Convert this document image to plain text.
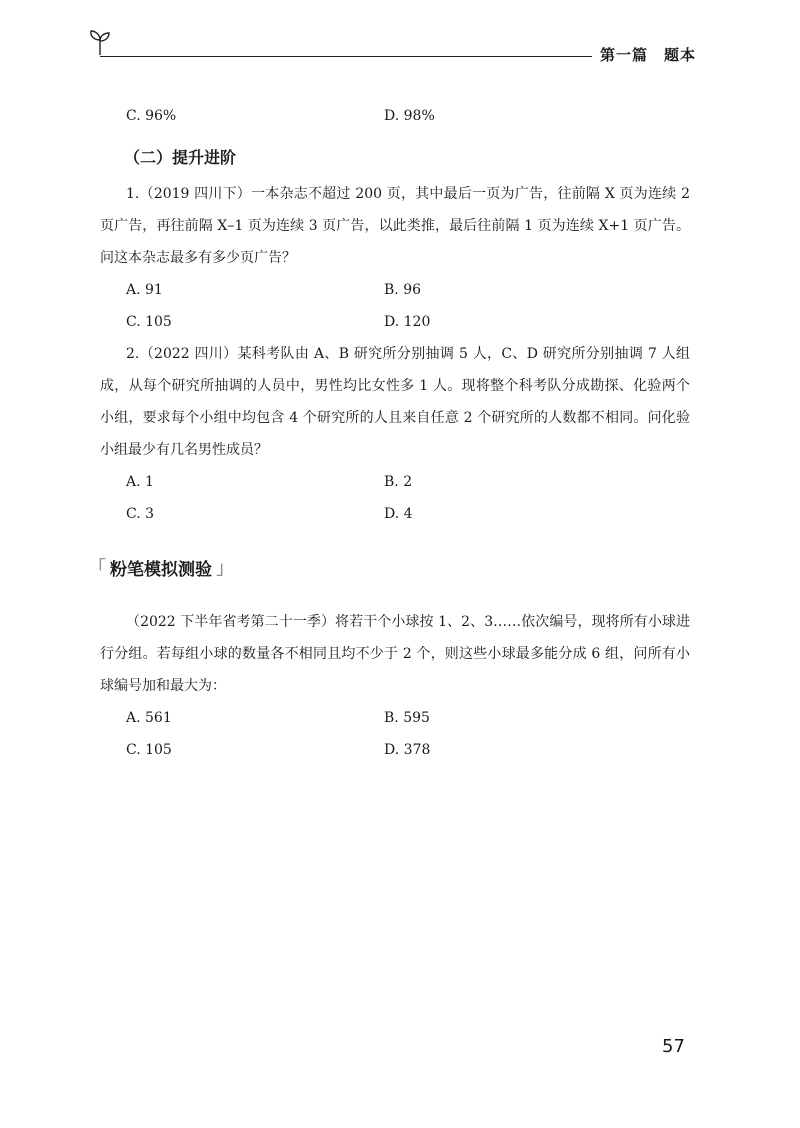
第一篇　题本
C. 96%	D. 98%
（二）提升进阶

1.（2019 四川下）一本杂志不超过 200 页，其中最后一页为广告，往前隔 X 页为连续 2 页广告，再往前隔 X–1 页为连续 3 页广告，以此类推，最后往前隔 1 页为连续 X+1 页广告。问这本杂志最多有多少页广告？

A. 91	B. 96
C. 105	D. 120

2.（2022 四川）某科考队由 A、B 研究所分别抽调 5 人，C、D 研究所分别抽调 7 人组成，从每个研究所抽调的人员中，男性均比女性多 1 人。现将整个科考队分成勘探、化验两个小组，要求每个小组中均包含 4 个研究所的人且来自任意 2 个研究所的人数都不相同。问化验小组最少有几名男性成员？

A. 1	B. 2
C. 3	D. 4
「 粉笔模拟测验 」

（2022 下半年省考第二十一季）将若干个小球按 1、2、3……依次编号，现将所有小球进行分组。若每组小球的数量各不相同且均不少于 2 个，则这些小球最多能分成 6 组，问所有小球编号加和最大为：

A. 561	B. 595
C. 105	D. 378
57
